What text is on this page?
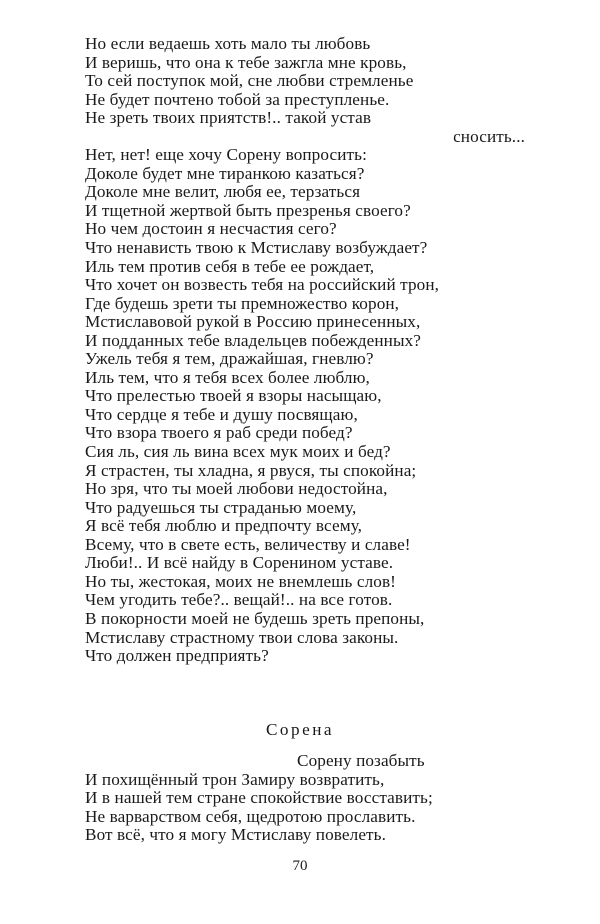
Но если ведаешь хоть мало ты любовь
И веришь, что она к тебе зажгла мне кровь,
То сей поступок мой, сне любви стремленье
Не будет почтено тобой за преступленье.
Не зреть твоих приятств!.. такой устав
сносить...
Нет, нет! еще хочу Сорену вопросить:
Доколе будет мне тиранкою казаться?
Доколе мне велит, любя ее, терзаться
И тщетной жертвой быть презренья своего?
Но чем достоин я несчастия сего?
Что ненависть твою к Мстиславу возбуждает?
Иль тем против себя в тебе ее рождает,
Что хочет он возвесть тебя на российский трон,
Где будешь зрети ты премножество корон,
Мстиславовой рукой в Россию принесенных,
И подданных тебе владельцев побежденных?
Ужель тебя я тем, дражайшая, гневлю?
Иль тем, что я тебя всех более люблю,
Что прелестью твоей я взоры насыщаю,
Что сердце я тебе и душу посвящаю,
Что взора твоего я раб среди побед?
Сия ль, сия ль вина всех мук моих и бед?
Я страстен, ты хладна, я рвуся, ты спокойна;
Но зря, что ты моей любови недостойна,
Что радуешься ты страданью моему,
Я всё тебя люблю и предпочту всему,
Всему, что в свете есть, величеству и славе!
Люби!.. И всё найду в Соренином уставе.
Но ты, жестокая, моих не внемлешь слов!
Чем угодить тебе?.. вещай!.. на все готов.
В покорности моей не будешь зреть препоны,
Мстиславу страстному твои слова законы.
Что должен предприять?

Сорена

Сорену позабыть
И похищённый трон Замиру возвратить,
И в нашей тем стране спокойствие восставить;
Не варварством себя, щедротою прославить.
Вот всё, что я могу Мстиславу повелеть.
70
